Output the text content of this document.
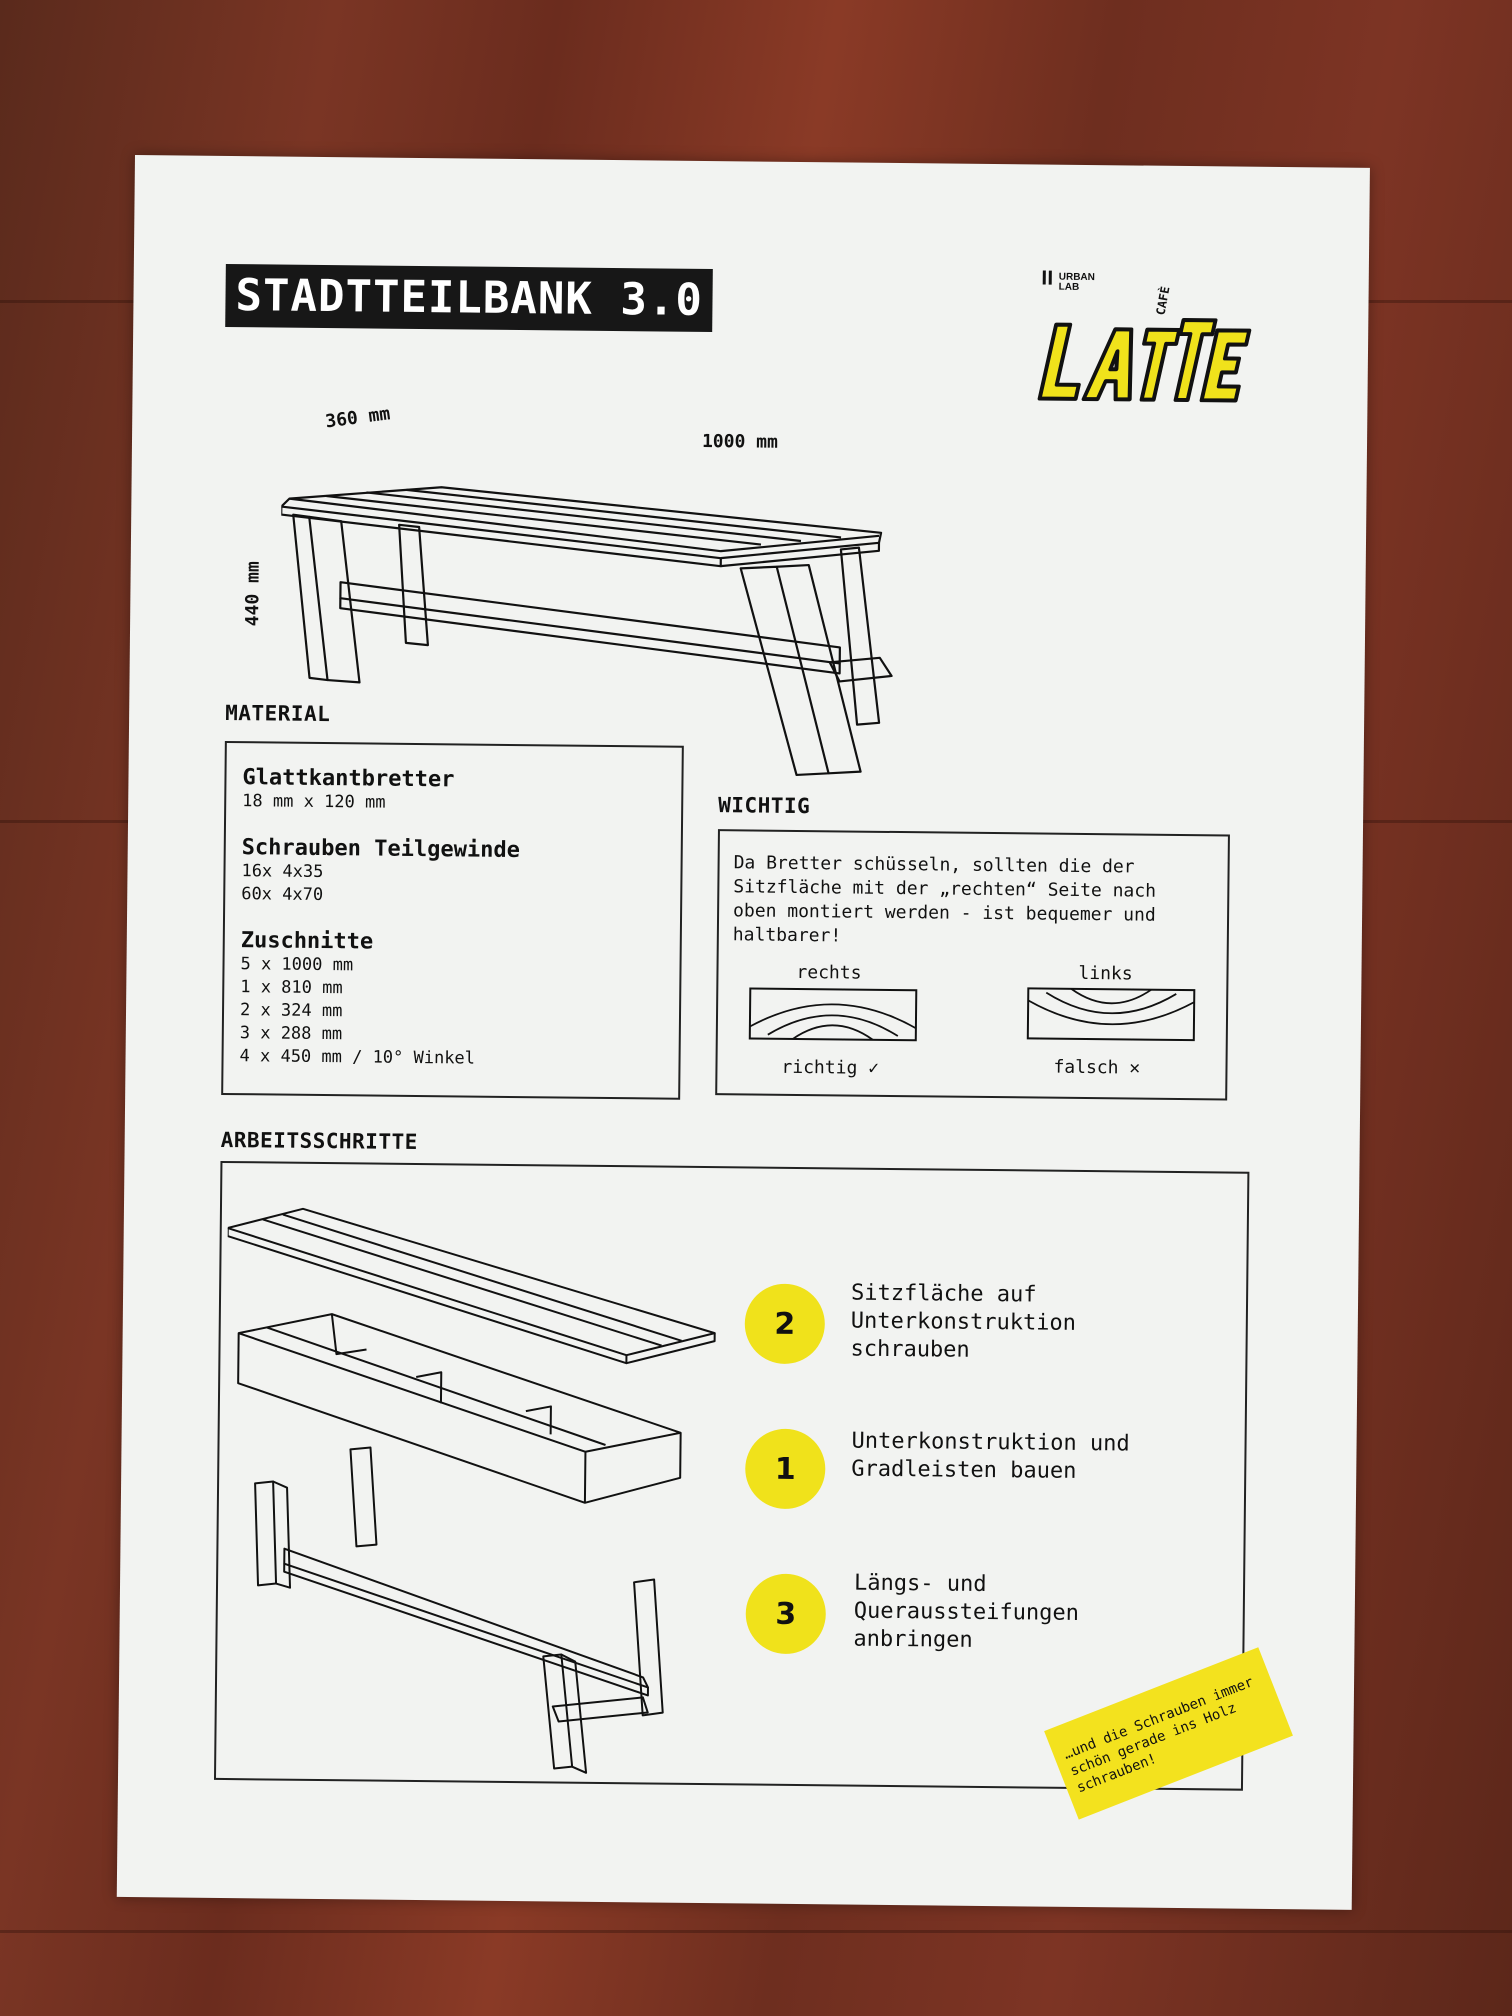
STADTTEILBANK 3.0	URBAN LAB	CAFÈ
360 mm
1000 mm
440 mm
MATERIAL

Glattkantbretter

18 mm x 120 mm

Schrauben Teilgewinde

16x 4x35

60x 4x70

Zuschnitte

5 x 1000 mm

1 x 810 mm

2 x 324 mm

3 x 288 mm

4 x 450 mm / 10° Winkel

WICHTIG
Da Bretter schüsseln, sollten die der Sitzfläche mit der „rechten“ Seite nach oben montiert werden - ist bequemer und haltbarer!
rechts	links
richtig ✓	falsch ✕
ARBEITSSCHRITTE
2
Sitzfläche auf Unterkonstruktion schrauben
1
Unterkonstruktion und Gradleisten bauen
3
Längs- und Queraussteifungen anbringen
…und die Schrauben immer schön gerade ins Holz schrauben!
